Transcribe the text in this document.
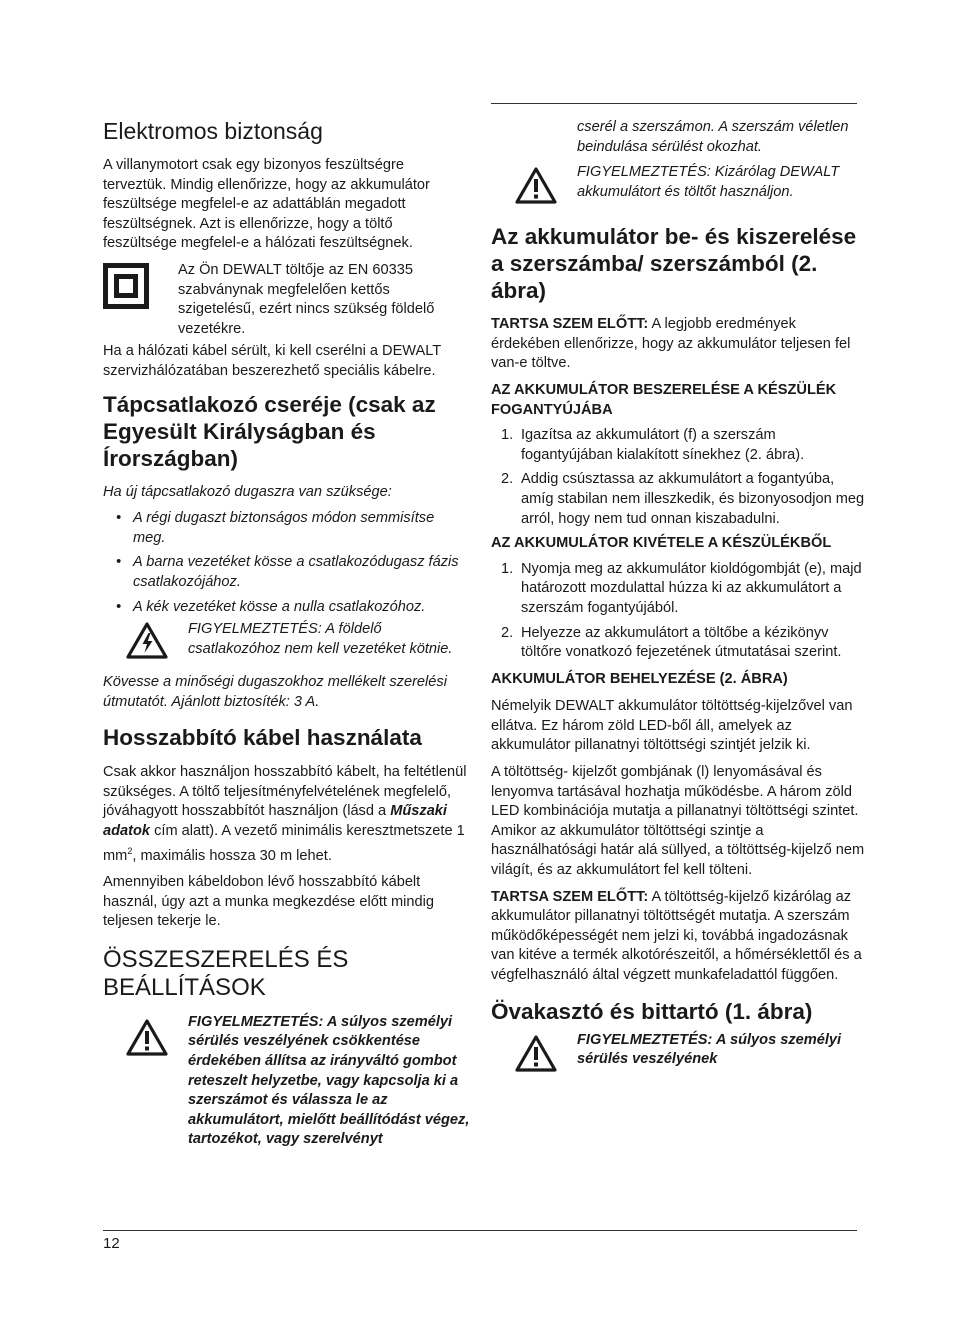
Elektromos biztonság

A villanymotort csak egy bizonyos feszültségre terveztük. Mindig ellenőrizze, hogy az akkumulátor feszültsége megfelel-e az adattáblán megadott feszültségnek. Azt is ellenőrizze, hogy a töltő feszültsége megfelel-e a hálózati feszültségnek.

Az Ön DEWALT töltője az EN 60335 szabványnak megfelelően kettős szigetelésű, ezért nincs szükség földelő vezetékre.

Ha a hálózati kábel sérült, ki kell cserélni a DEWALT szervizhálózatában beszerezhető speciális kábelre.

Tápcsatlakozó cseréje (csak az Egyesült Királyságban és Írországban)

Ha új tápcsatlakozó dugaszra van szüksége:

• A régi dugaszt biztonságos módon semmisítse meg.
• A barna vezetéket kösse a csatlakozódugasz fázis csatlakozójához.
• A kék vezetéket kösse a nulla csatlakozóhoz.

FIGYELMEZTETÉS: A földelő csatlakozóhoz nem kell vezetéket kötnie.

Kövesse a minőségi dugaszokhoz mellékelt szerelési útmutatót. Ajánlott biztosíték: 3 A.

Hosszabbító kábel használata

Csak akkor használjon hosszabbító kábelt, ha feltétlenül szükséges. A töltő teljesítményfelvételének megfelelő, jóváhagyott hosszabbítót használjon (lásd a Műszaki adatok cím alatt). A vezető minimális keresztmetszete 1 $mm^2$, maximális hossza 30 m lehet.

Amennyiben kábeldobon lévő hosszabbító kábelt használ, úgy azt a munka megkezdése előtt mindig teljesen tekerje le.

ÖSSZESZERELÉS ÉS BEÁLLÍTÁSOK

FIGYELMEZTETÉS: A súlyos személyi sérülés veszélyének csökkentése érdekében állítsa az irányváltó gombot reteszelt helyzetbe, vagy kapcsolja ki a szerszámot és válassza le az akkumulátort, mielőtt beállítódást végez, tartozékot, vagy szerelvényt

cserél a szerszámon. A szerszám véletlen beindulása sérülést okozhat.

FIGYELMEZTETÉS: Kizárólag DEWALT akkumulátort és töltőt használjon.

Az akkumulátor be- és kiszerelése a szerszámba/ szerszámból (2. ábra)

TARTSA SZEM ELŐTT: A legjobb eredmények érdekében ellenőrizze, hogy az akkumulátor teljesen fel van-e töltve.

AZ AKKUMULÁTOR BESZERELÉSE A KÉSZÜLÉK FOGANTYÚJÁBA
1. Igazítsa az akkumulátort (f) a szerszám fogantyújában kialakított sínekhez (2. ábra).
2. Addig csúsztassa az akkumulátort a fogantyúba, amíg stabilan nem illeszkedik, és bizonyosodjon meg arról, hogy nem tud onnan kiszabadulni.
AZ AKKUMULÁTOR KIVÉTELE A KÉSZÜLÉKBŐL
1. Nyomja meg az akkumulátor kioldógombját (e), majd határozott mozdulattal húzza ki az akkumulátort a szerszám fogantyújából.
2. Helyezze az akkumulátort a töltőbe a kézikönyv töltőre vonatkozó fejezetének útmutatásai szerint.
AKKUMULÁTOR BEHELYEZÉSE (2. ÁBRA)

Némelyik DEWALT akkumulátor töltöttség-kijelzővel van ellátva. Ez három zöld LED-ből áll, amelyek az akkumulátor pillanatnyi töltöttségi szintjét jelzik ki.

A töltöttség- kijelzőt gombjának (l) lenyomásával és lenyomva tartásával hozhatja működésbe. A három zöld LED kombinációja mutatja a pillanatnyi töltöttségi szintet. Amikor az akkumulátor töltöttségi szintje a használhatósági határ alá süllyed, a töltöttség-kijelző nem világít, és az akkumulátort fel kell tölteni.

TARTSA SZEM ELŐTT: A töltöttség-kijelző kizárólag az akkumulátor pillanatnyi töltöttségét mutatja. A szerszám működőképességét nem jelzi ki, továbbá ingadozásnak van kitéve a termék alkotórészeitől, a hőmérséklettől és a végfelhasználó által végzett munkafeladattól függően.

Övakasztó és bittartó (1. ábra)

FIGYELMEZTETÉS: A súlyos személyi sérülés veszélyének

12
